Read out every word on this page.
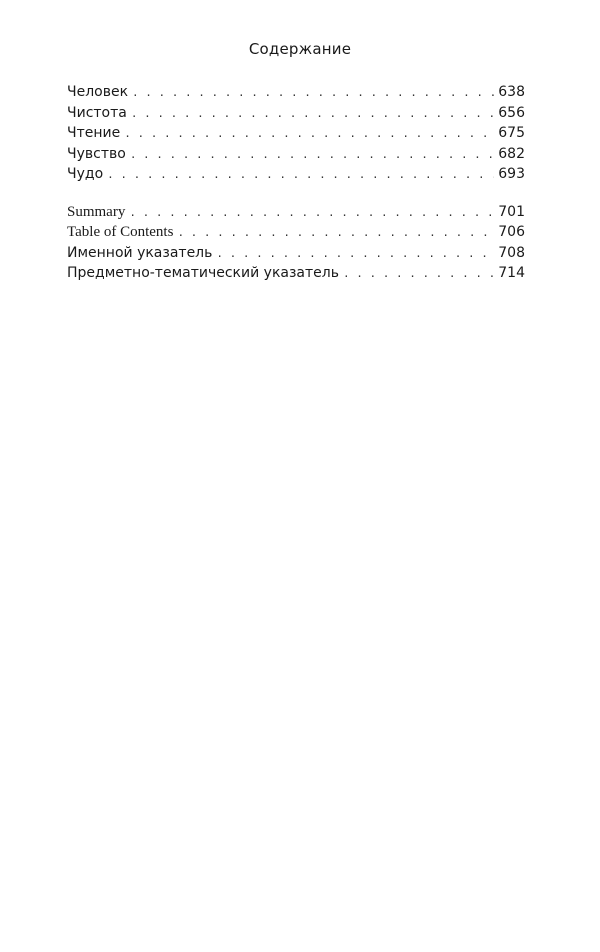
Содержание
Человек . . .	638
Чистота . . .	656
Чтение . . .	675
Чувство . . .	682
Чудо . . .	693
Summary . . .	701
Table of Contents . . .	706
Именной указатель . . .	708
Предметно-тематический указатель . . .	714
